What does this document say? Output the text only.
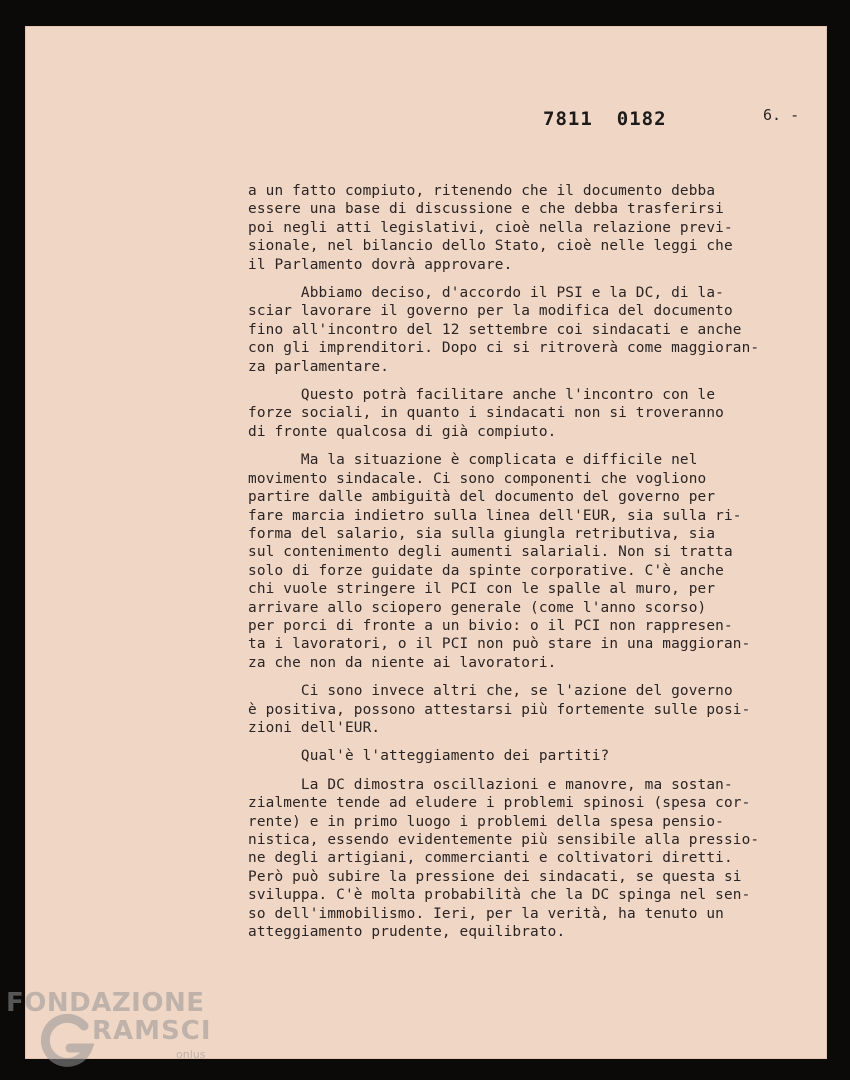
7811 0182	6. -
a un fatto compiuto, ritenendo che il documento debba
essere una base di discussione e che debba trasferirsi
poi negli atti legislativi, cioè nella relazione previ-
sionale, nel bilancio dello Stato, cioè nelle leggi che
il Parlamento dovrà approvare.
Abbiamo deciso, d'accordo il PSI e la DC, di la-
sciar lavorare il governo per la modifica del documento
fino all'incontro del 12 settembre coi sindacati e anche
con gli imprenditori. Dopo ci si ritroverà come maggioran-
za parlamentare.
Questo potrà facilitare anche l'incontro con le
forze sociali, in quanto i sindacati non si troveranno
di fronte qualcosa di già compiuto.
Ma la situazione è complicata e difficile nel
movimento sindacale. Ci sono componenti che vogliono
partire dalle ambiguità del documento del governo per
fare marcia indietro sulla linea dell'EUR, sia sulla ri-
forma del salario, sia sulla giungla retributiva, sia
sul contenimento degli aumenti salariali. Non si tratta
solo di forze guidate da spinte corporative. C'è anche
chi vuole stringere il PCI con le spalle al muro, per
arrivare allo sciopero generale (come l'anno scorso)
per porci di fronte a un bivio: o il PCI non rappresen-
ta i lavoratori, o il PCI non può stare in una maggioran-
za che non da niente ai lavoratori.
Ci sono invece altri che, se l'azione del governo
è positiva, possono attestarsi più fortemente sulle posi-
zioni dell'EUR.
Qual'è l'atteggiamento dei partiti?
La DC dimostra oscillazioni e manovre, ma sostan-
zialmente tende ad eludere i problemi spinosi (spesa cor-
rente) e in primo luogo i problemi della spesa pensio-
nistica, essendo evidentemente più sensibile alla pressio-
ne degli artigiani, commercianti e coltivatori diretti.
Però può subire la pressione dei sindacati, se questa si
sviluppa. C'è molta probabilità che la DC spinga nel sen-
so dell'immobilismo. Ieri, per la verità, ha tenuto un
atteggiamento prudente, equilibrato.
FONDAZIONE
RAMSCI
onlus
